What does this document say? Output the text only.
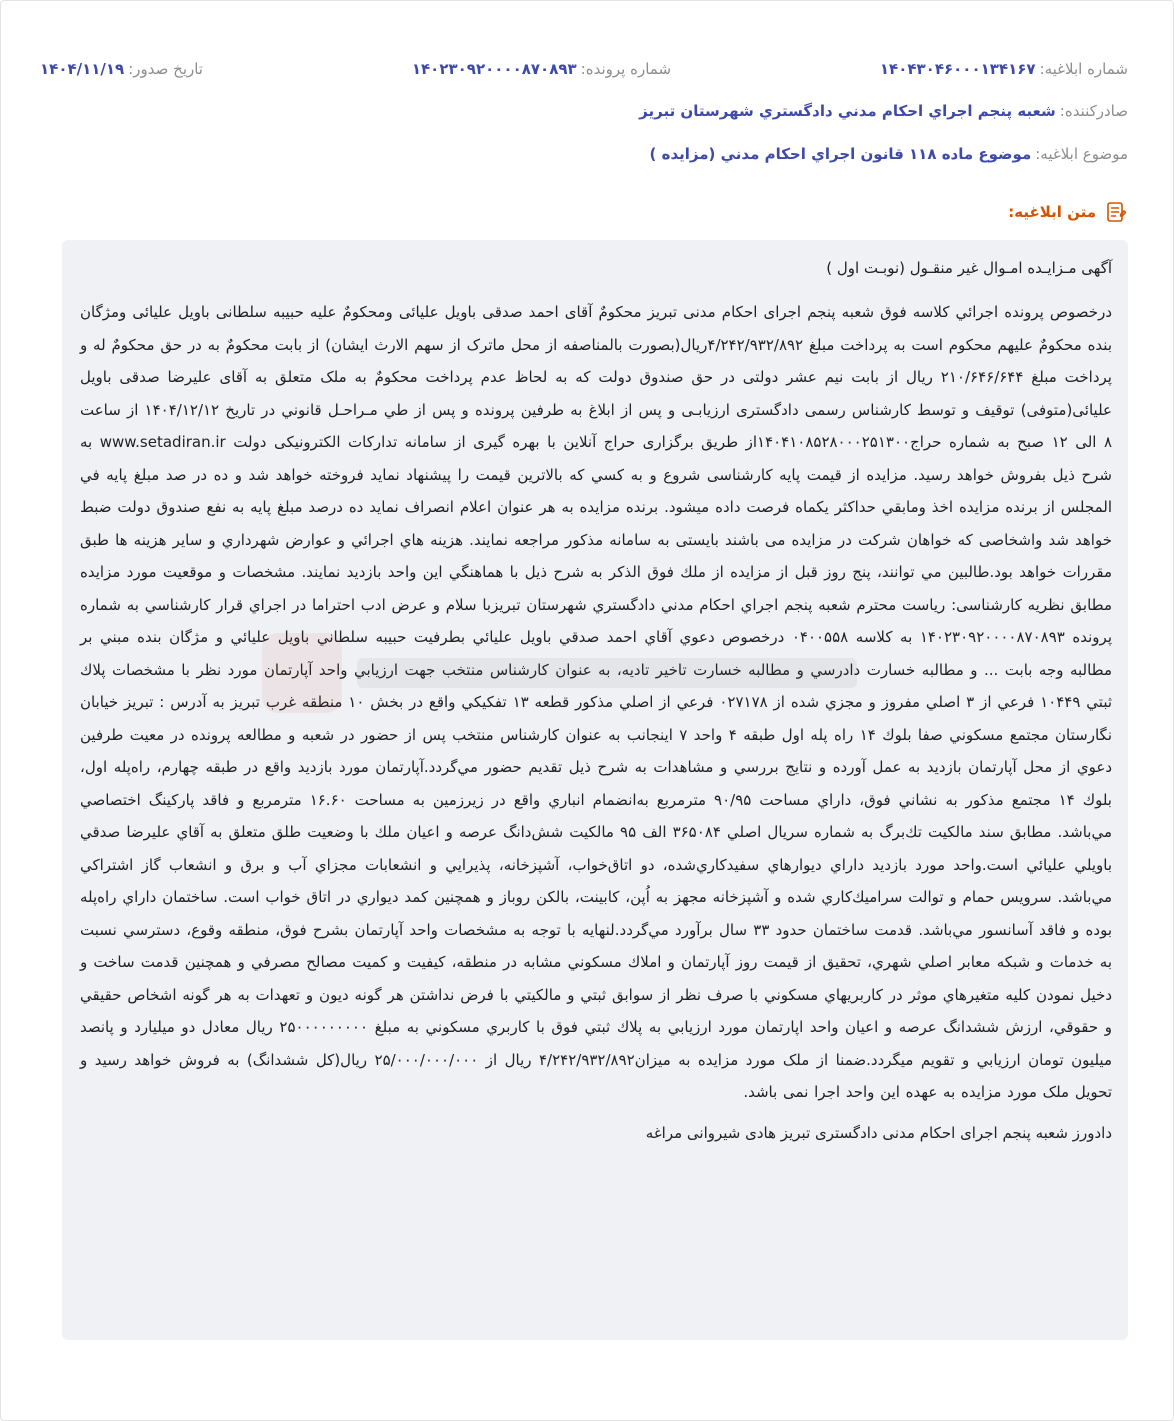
شماره ابلاغیه:
۱۴۰۴۳۰۴۶۰۰۰۱۳۴۱۶۷
شماره پرونده:
۱۴۰۲۳۰۹۲۰۰۰۰۸۷۰۸۹۳
تاریخ صدور:
۱۴۰۴/۱۱/۱۹
صادرکننده:
شعبه پنجم اجراي احكام مدني دادگستري شهرستان تبريز
موضوع ابلاغیه:
موضوع ماده ۱۱۸ قانون اجراي احكام مدني (مزايده )
متن ابلاغیه:
آگهی مـزایـده امـوال غیر منقـول (نوبـت اول )

درخصوص پرونده اجرائي كلاسه فوق شعبه پنجم اجرای احکام مدنی تبریز محکومٌ آقای احمد صدقی باویل علیائی ومحکومٌ علیه حبیبه سلطانی باویل علیائی ومژگان بنده محکومٌ علیهم محکوم است به پرداخت مبلغ ۴/۲۴۲/۹۳۲/۸۹۲ریال(بصورت بالمناصفه از محل ماترک از سهم الارث ایشان) از بابت محکومٌ به در حق محکومٌ له و پرداخت مبلغ ۲۱۰/۶۴۶/۶۴۴ ریال از بابت نیم عشر دولتی در حق صندوق دولت که به لحاظ عدم پرداخت محکومٌ به ملک متعلق به آقای علیرضا صدقی باویل علیائی(متوفی) توقیف و توسط کارشناس رسمی دادگستری ارزیابـی و پس از ابلاغ به طرفین پرونده و پس از طي مـراحـل قانوني در تاريخ ۱۴۰۴/۱۲/۱۲ از ساعت ۸ الی ۱۲ صبح به شماره حراج۱۴۰۴۱۰۸۵۲۸۰۰۰۲۵۱۳۰۰از طریق برگزاری حراج آنلاین با بهره گیری از سامانه تدارکات الکترونیکی دولت www.setadiran.ir به شرح ذيل بفروش خواهد رسيد. مزايده از قيمت پايه كارشناسی شروع و به كسي كه بالاترين قيمت را پيشنهاد نمايد فروخته خواهد شد و ده در صد مبلغ پايه في المجلس از برنده مزايده اخذ ومابقي حداكثر يكماه فرصت داده ميشود. برنده مزايده به هر عنوان اعلام انصراف نمايد ده درصد مبلغ پايه به نفع صندوق دولت ضبط خواهد شد واشخاصی که خواهان شرکت در مزایده می باشند بایستی به سامانه مذکور مراجعه نمایند. هزينه هاي اجرائي و عوارض شهرداري و ساير هزينه ها طبق مقررات خواهد بود.طالبين مي توانند، پنج روز قبل از مزايده از ملك فوق الذكر به شرح ذيل با هماهنگي اين واحد بازديد نمايند. مشخصات و موقعيت مورد مزايده مطابق نظريه كارشناسی: رياست محترم شعبه پنجم اجراي احكام مدني دادگستري شهرستان تبريزبا سلام و عرض ادب احتراما در اجراي قرار كارشناسي به شماره پرونده ۱۴۰۲۳۰۹۲۰۰۰۰۸۷۰۸۹۳ به كلاسه ۰۴۰۰۵۵۸ درخصوص دعوي آقاي احمد صدقي باويل علیائي بطرفيت حبيبه سلطاني باويل علیائي و مژگان بنده مبني بر مطالبه وجه بابت ... و مطالبه خسارت دادرسي و مطالبه خسارت تاخير تاديه، به عنوان كارشناس منتخب جهت ارزيابي واحد آپارتمان مورد نظر با مشخصات پلاك ثبتي ۱۰۴۴۹ فرعي از ۳ اصلي مفروز و مجزي شده از ۰۲۷۱۷۸ فرعي از اصلي مذكور قطعه ۱۳ تفكيكي واقع در بخش ۱۰ منطقه غرب تبريز به آدرس : تبريز خيابان نگارستان مجتمع مسكوني صفا بلوك ۱۴ راه پله اول طبقه ۴ واحد ۷ اينجانب به عنوان كارشناس منتخب پس از حضور در شعبه و مطالعه پرونده در معيت طرفين دعوي از محل آپارتمان بازديد به عمل آورده و نتايج بررسي و مشاهدات به شرح ذيل تقديم حضور مي‌گردد.آپارتمان مورد بازديد واقع در طبقه چهارم، راه‌پله اول، بلوك ۱۴ مجتمع مذكور به نشاني فوق، داراي مساحت ۹۰/۹۵ مترمربع به‌انضمام انباري واقع در زيرزمين به مساحت ۱۶.۶۰ مترمربع و فاقد پاركينگ اختصاصي مي‌باشد. مطابق سند مالكيت تك‌برگ به شماره سريال اصلي ۳۶۵۰۸۴ الف ۹۵ مالكيت شش‌دانگ عرصه و اعيان ملك با وضعيت طلق متعلق به آقاي عليرضا صدقي باويلي عليائي است.واحد مورد بازديد داراي ديوارهاي سفيدكاري‌شده، دو اتاق‌خواب، آشپزخانه، پذيرايي و انشعابات مجزاي آب و برق و انشعاب گاز اشتراكي مي‌باشد. سرويس حمام و توالت سراميك‌كاري شده و آشپزخانه مجهز به اُپن، كابينت، بالكن روباز و همچنين كمد ديواري در اتاق خواب است. ساختمان داراي راه‌پله بوده و فاقد آسانسور مي‌باشد. قدمت ساختمان حدود ۳۳ سال برآورد مي‌گردد.لنهايه با توجه به مشخصات واحد آپارتمان بشرح فوق، منطقه وقوع، دسترسي نسبت به خدمات و شبكه معابر اصلي شهري، تحقيق از قيمت روز آپارتمان و املاك مسكوني مشابه در منطقه، كيفيت و كميت مصالح مصرفي و همچنين قدمت ساخت و دخيل نمودن كليه متغيرهاي موثر در كاربريهاي مسكوني با صرف نظر از سوابق ثبتي و مالكيتي با فرض نداشتن هر گونه ديون و تعهدات به هر گونه اشخاص حقيقي و حقوقي، ارزش ششدانگ عرصه و اعيان واحد اپارتمان مورد ارزيابي به پلاك ثبتي فوق با كاربري مسكوني به مبلغ ۲۵۰۰۰۰۰۰۰۰۰ ريال معادل دو ميليارد و پانصد ميليون تومان ارزيابي و تقويم ميگردد.ضمنا از ملک مورد مزایده به میزان۴/۲۴۲/۹۳۲/۸۹۲ ریال از ۲۵/۰۰۰/۰۰۰/۰۰۰ ریال(کل ششدانگ) به فروش خواهد رسید و تحویل ملک مورد مزایده به عهده این واحد اجرا نمی باشد.

دادورز شعبه پنجم اجرای احکام مدنی دادگستری تبریز هادی شیروانی مراغه
